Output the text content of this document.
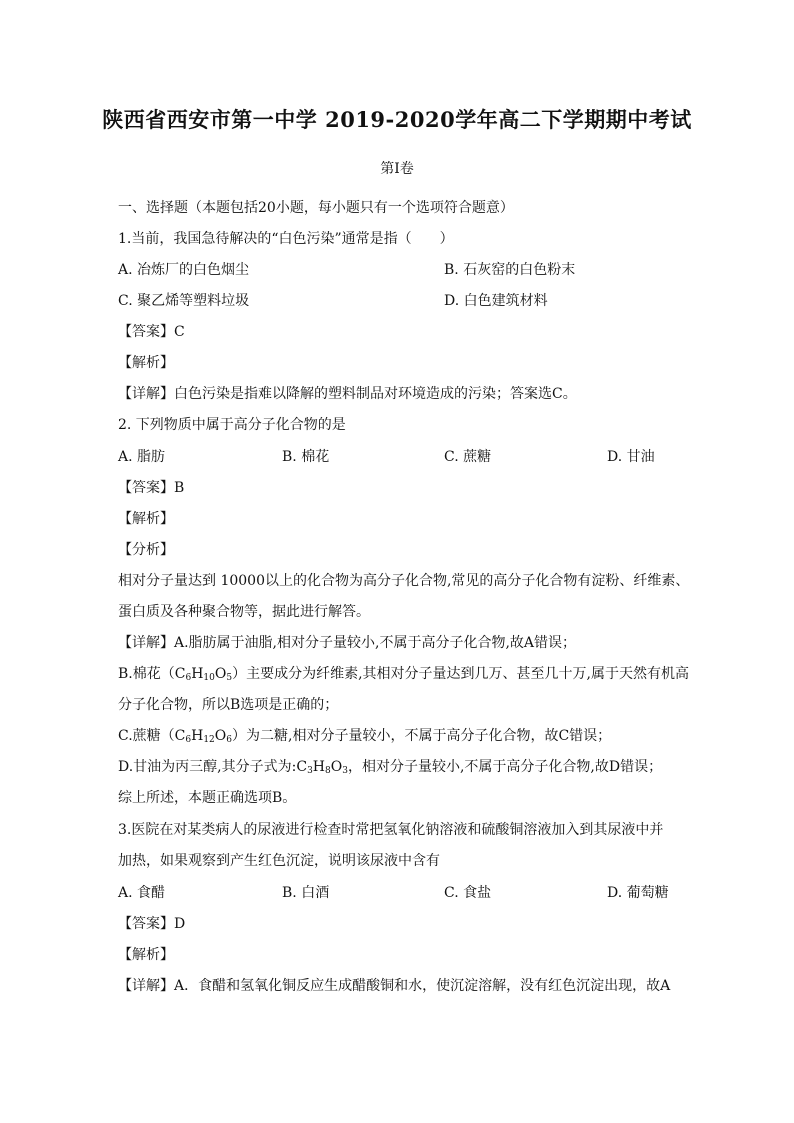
陕西省西安市第一中学 2019-2020学年高二下学期期中考试
第I卷
一、选择题（本题包括20小题，每小题只有一个选项符合题意）
1.当前，我国急待解决的“白色污染”通常是指（　　）
A. 冶炼厂的白色烟尘	B. 石灰窑的白色粉末
C. 聚乙烯等塑料垃圾	D. 白色建筑材料
【答案】C
【解析】
【详解】白色污染是指难以降解的塑料制品对环境造成的污染；答案选C。
2. 下列物质中属于高分子化合物的是
A. 脂肪	B. 棉花	C. 蔗糖	D. 甘油
【答案】B
【解析】
【分析】
相对分子量达到 10000以上的化合物为高分子化合物,常见的高分子化合物有淀粉、纤维素、
蛋白质及各种聚合物等，据此进行解答。
【详解】A.脂肪属于油脂,相对分子量较小,不属于高分子化合物,故A错误；
B.棉花$(C_6H_{10}O_5)$主要成分为纤维素,其相对分子量达到几万、甚至几十万,属于天然有机高
分子化合物，所以B选项是正确的；
C.蔗糖$(C_6H_{12}O_6)$为二糖,相对分子量较小，不属于高分子化合物，故C错误；
D.甘油为丙三醇,其分子式为$:C_3H_8O_3$，相对分子量较小,不属于高分子化合物,故D错误；
综上所述，本题正确选项B。
3.医院在对某类病人的尿液进行检查时常把氢氧化钠溶液和硫酸铜溶液加入到其尿液中并
加热，如果观察到产生红色沉淀，说明该尿液中含有
A. 食醋	B. 白酒	C. 食盐	D. 葡萄糖
【答案】D
【解析】
【详解】A．食醋和氢氧化铜反应生成醋酸铜和水，使沉淀溶解，没有红色沉淀出现，故A
